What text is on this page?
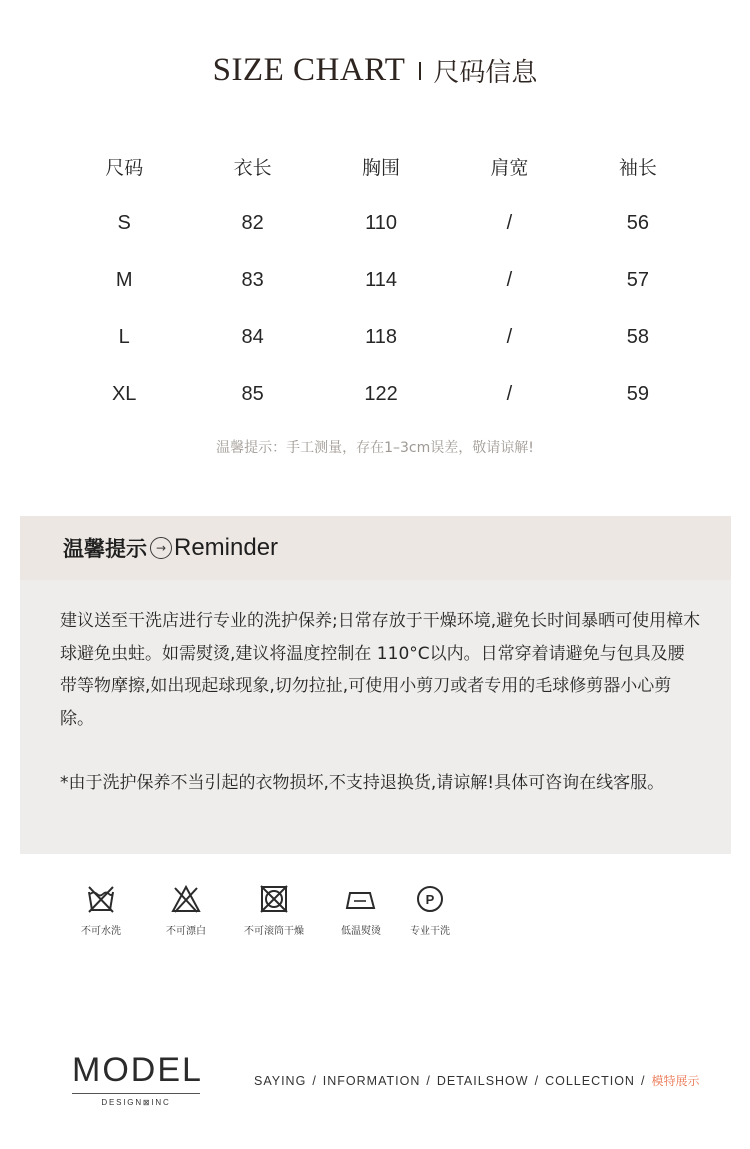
SIZE CHART 尺码信息
尺码	衣长	胸围	肩宽	袖长
S	82	110	/	56
M	83	114	/	57
L	84	118	/	58
XL	85	122	/	59
温馨提示：手工测量，存在1–3cm误差，敬请谅解!
温馨提示 → Reminder

建议送至干洗店进行专业的洗护保养;日常存放于干燥环境,避免长时间暴晒可使用樟木球避免虫蛀。如需熨烫,建议将温度控制在 110°C以内。日常穿着请避免与包具及腰带等物摩擦,如出现起球现象,切勿拉扯,可使用小剪刀或者专用的毛球修剪器小心剪除。

*由于洗护保养不当引起的衣物损坏,不支持退换货,请谅解!具体可咨询在线客服。

不可水洗	不可漂白	不可滚筒干燥	低温熨烫
P
专业干洗
MODEL
DESIGN⊠INC
SAYING / INFORMATION / DETAILSHOW / COLLECTION / 模特展示
